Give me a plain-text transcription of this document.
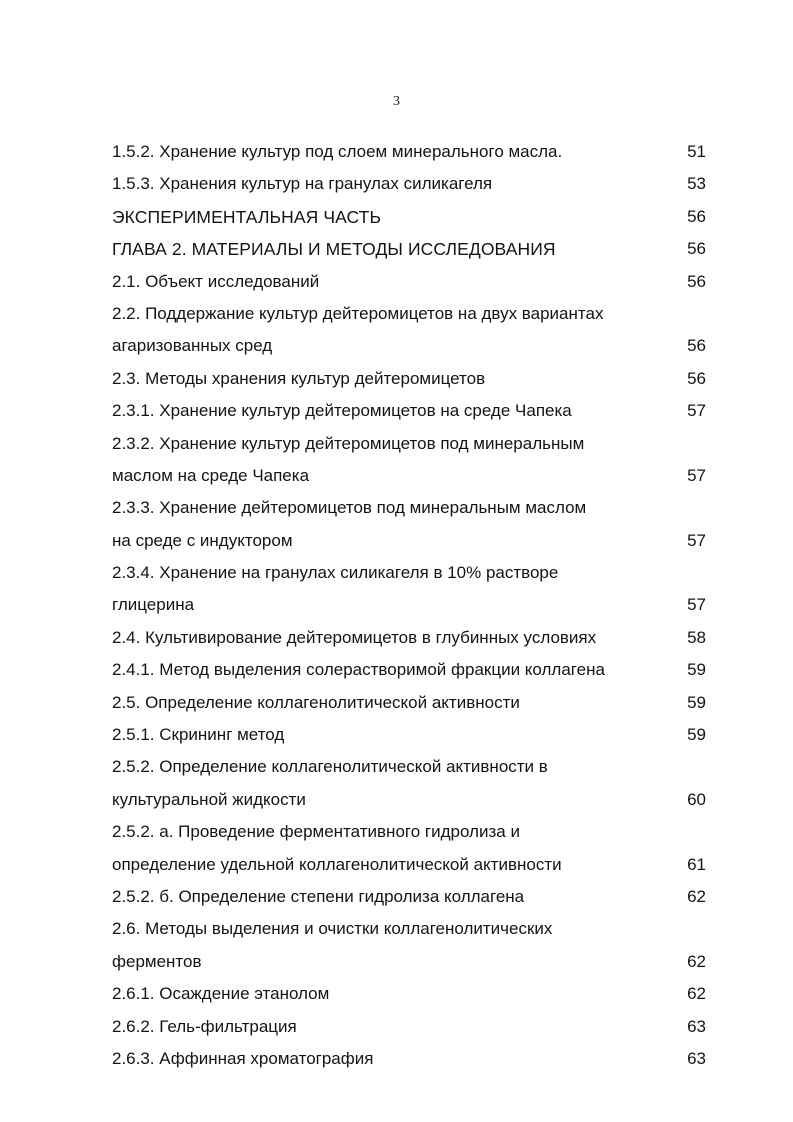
3
1.5.2. Хранение культур под слоем минерального масла.	51
1.5.3. Хранения культур на гранулах силикагеля	53
ЭКСПЕРИМЕНТАЛЬНАЯ ЧАСТЬ	56
ГЛАВА 2. МАТЕРИАЛЫ И МЕТОДЫ ИССЛЕДОВАНИЯ	56
2.1. Объект исследований	56
2.2. Поддержание культур дейтеромицетов на двух вариантах
агаризованных сред	56
2.3. Методы хранения культур дейтеромицетов	56
2.3.1. Хранение культур дейтеромицетов на среде Чапека	57
2.3.2. Хранение культур дейтеромицетов под минеральным
маслом на среде Чапека	57
2.3.3. Хранение дейтеромицетов под минеральным маслом
на среде с индуктором	57
2.3.4. Хранение на гранулах силикагеля в 10% растворе
глицерина	57
2.4. Культивирование дейтеромицетов в глубинных условиях	58
2.4.1. Метод выделения солерастворимой фракции коллагена	59
2.5. Определение коллагенолитической активности	59
2.5.1. Скрининг метод	59
2.5.2. Определение коллагенолитической активности в
культуральной жидкости	60
2.5.2. а. Проведение ферментативного гидролиза и
определение удельной коллагенолитической активности	61
2.5.2. б. Определение степени гидролиза коллагена	62
2.6. Методы выделения и очистки коллагенолитических
ферментов	62
2.6.1. Осаждение этанолом	62
2.6.2. Гель-фильтрация	63
2.6.3. Аффинная хроматография	63
